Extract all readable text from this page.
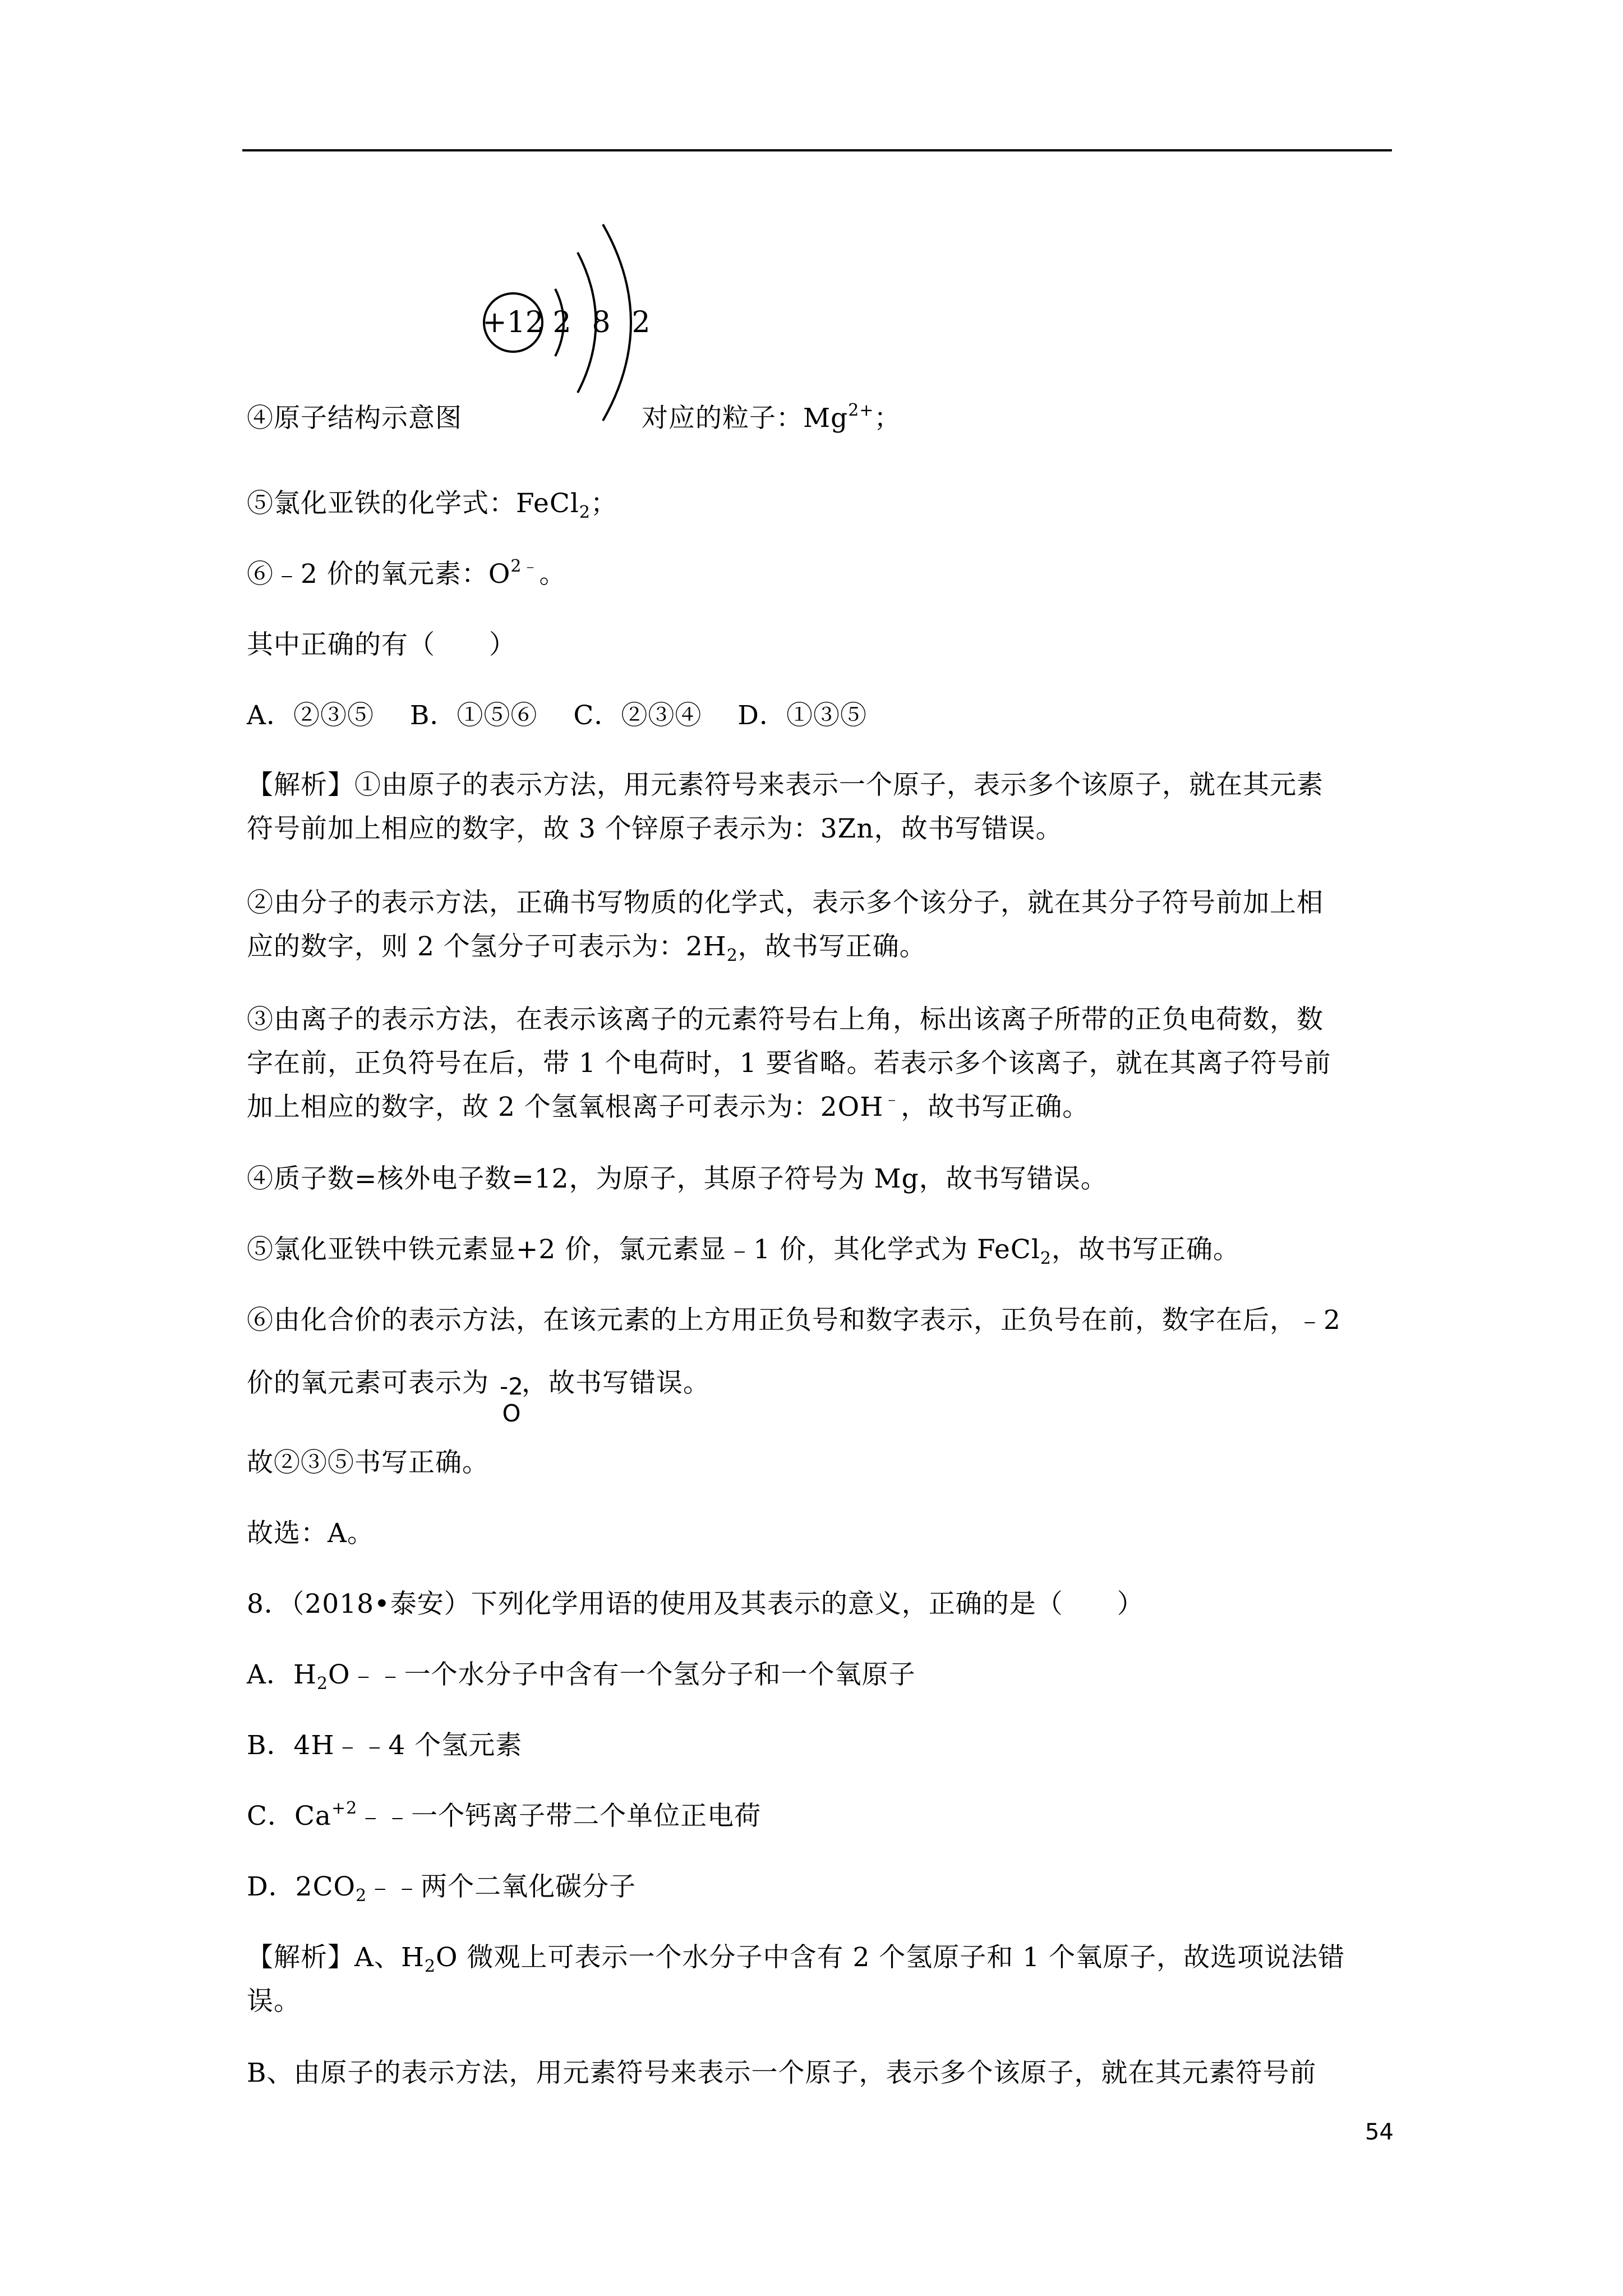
+12 2 8 2
④原子结构示意图	对应的粒子：$Mg^{2+}$；
⑤氯化亚铁的化学式：FeCl$_2$；
⑥﹣2 价的氧元素：$O^{2﹣}$。
其中正确的有（　　）
A．②③⑤　 B．①⑤⑥　 C．②③④　 D．①③⑤
【解析】①由原子的表示方法，用元素符号来表示一个原子，表示多个该原子，就在其元素
符号前加上相应的数字，故 3 个锌原子表示为：3Zn，故书写错误。
②由分子的表示方法，正确书写物质的化学式，表示多个该分子，就在其分子符号前加上相
应的数字，则 2 个氢分子可表示为：$2H_2$，故书写正确。
③由离子的表示方法，在表示该离子的元素符号右上角，标出该离子所带的正负电荷数，数
字在前，正负符号在后，带 1 个电荷时，1 要省略。若表示多个该离子，就在其离子符号前
加上相应的数字，故 2 个氢氧根离子可表示为：2OH﹣，故书写正确。
④质子数=核外电子数=12，为原子，其原子符号为 Mg，故书写错误。
⑤氯化亚铁中铁元素显+2 价，氯元素显﹣1 价，其化学式为 FeCl$_2$，故书写正确。
⑥由化合价的表示方法，在该元素的上方用正负号和数字表示，正负号在前，数字在后，﹣2
-2
O
价的氧元素可表示为 ，故书写错误。
故②③⑤书写正确。
故选：A。
8．（2018•泰安）下列化学用语的使用及其表示的意义，正确的是（　　）
A．$H_2O﹣﹣$一个水分子中含有一个氢分子和一个氧原子
B．4H﹣﹣4 个氢元素
C．$Ca^{+2}﹣﹣$一个钙离子带二个单位正电荷
D．$2CO_2﹣﹣$两个二氧化碳分子
【解析】A、$H_2O$ 微观上可表示一个水分子中含有 2 个氢原子和 1 个氧原子，故选项说法错
误。
B、由原子的表示方法，用元素符号来表示一个原子，表示多个该原子，就在其元素符号前
54
